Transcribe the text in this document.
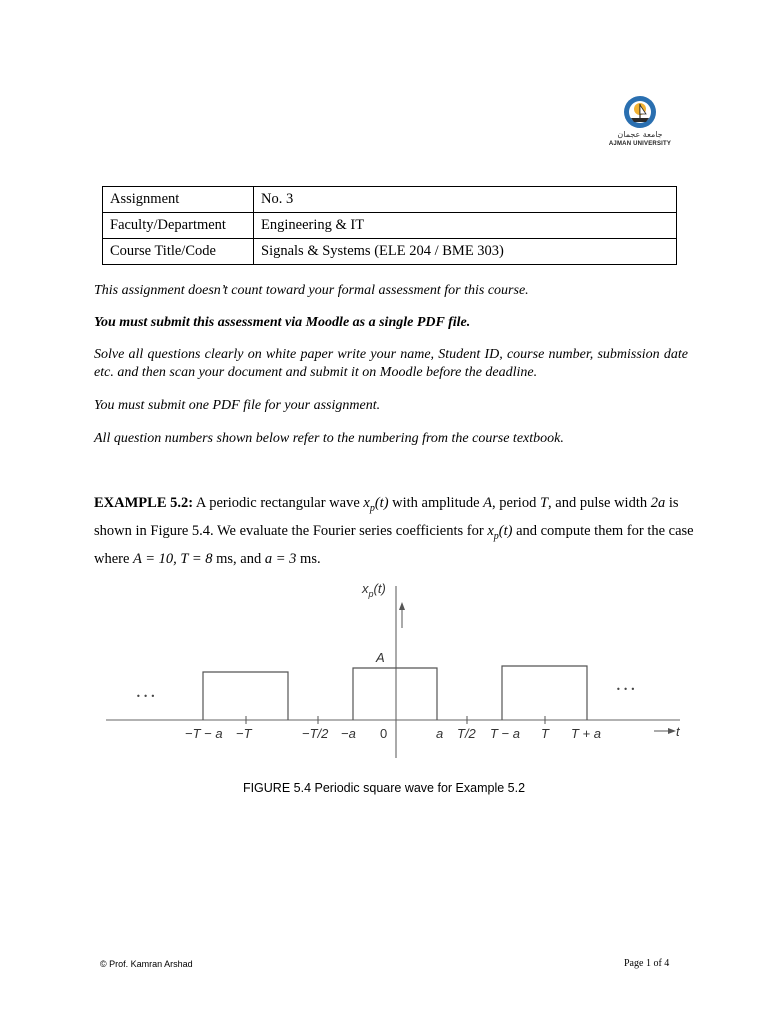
جامعة عجمان
AJMAN UNIVERSITY
Assignment	No. 3
Faculty/Department	Engineering & IT
Course Title/Code	Signals & Systems (ELE 204 / BME 303)
This assignment doesn’t count toward your formal assessment for this course.
You must submit this assessment via Moodle as a single PDF file.
Solve all questions clearly on white paper write your name, Student ID, course number, submission date etc. and then scan your document and submit it on Moodle before the deadline.
You must submit one PDF file for your assignment.
All question numbers shown below refer to the numbering from the course textbook.
EXAMPLE 5.2: A periodic rectangular wave $x_p(t)$ with amplitude A, period T, and pulse width 2a is shown in Figure 5.4. We evaluate the Fourier series coefficients for $x_p(t)$ and compute them for the case where A = 10, T = 8 ms, and a = 3 ms.
$x_p(t)$
A
t
• • •
• • •
−T − a −T	−T/2 −a 0	a T/2 T − a T T + a
FIGURE 5.4 Periodic square wave for Example 5.2
© Prof. Kamran Arshad	Page 1 of 4
